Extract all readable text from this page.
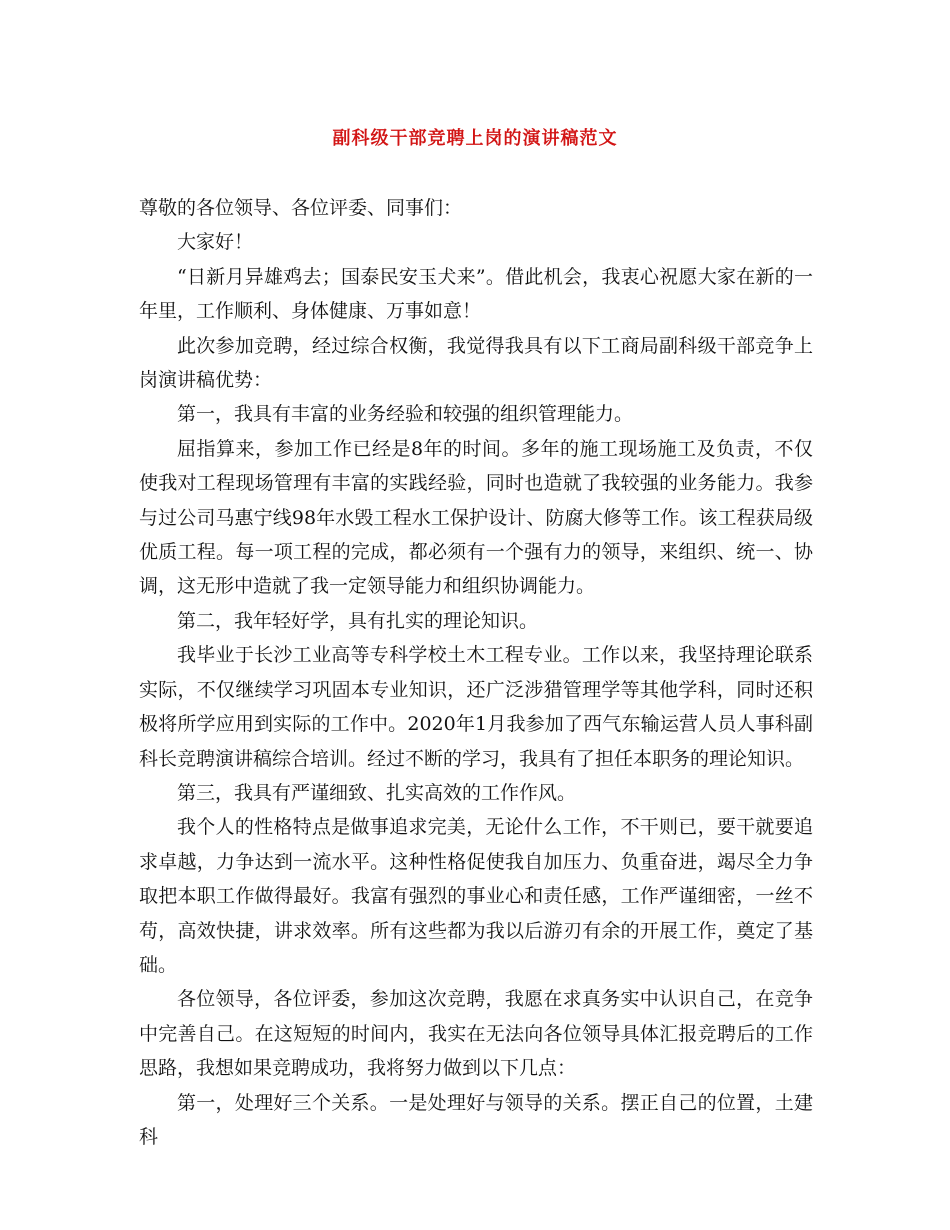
副科级干部竞聘上岗的演讲稿范文

尊敬的各位领导、各位评委、同事们：

大家好！

“日新月异雄鸡去；国泰民安玉犬来”。借此机会，我衷心祝愿大家在新的一年里，工作顺利、身体健康、万事如意！

此次参加竞聘，经过综合权衡，我觉得我具有以下工商局副科级干部竞争上岗演讲稿优势：

第一，我具有丰富的业务经验和较强的组织管理能力。

屈指算来，参加工作已经是8年的时间。多年的施工现场施工及负责，不仅使我对工程现场管理有丰富的实践经验，同时也造就了我较强的业务能力。我参与过公司马惠宁线98年水毁工程水工保护设计、防腐大修等工作。该工程获局级优质工程。每一项工程的完成，都必须有一个强有力的领导，来组织、统一、协调，这无形中造就了我一定领导能力和组织协调能力。

第二，我年轻好学，具有扎实的理论知识。

我毕业于长沙工业高等专科学校土木工程专业。工作以来，我坚持理论联系实际，不仅继续学习巩固本专业知识，还广泛涉猎管理学等其他学科，同时还积极将所学应用到实际的工作中。2020年1月我参加了西气东输运营人员人事科副科长竞聘演讲稿综合培训。经过不断的学习，我具有了担任本职务的理论知识。

第三，我具有严谨细致、扎实高效的工作作风。

我个人的性格特点是做事追求完美，无论什么工作，不干则已，要干就要追求卓越，力争达到一流水平。这种性格促使我自加压力、负重奋进，竭尽全力争取把本职工作做得最好。我富有强烈的事业心和责任感，工作严谨细密，一丝不苟，高效快捷，讲求效率。所有这些都为我以后游刃有余的开展工作，奠定了基础。

各位领导，各位评委，参加这次竞聘，我愿在求真务实中认识自己，在竞争中完善自己。在这短短的时间内，我实在无法向各位领导具体汇报竞聘后的工作思路，我想如果竞聘成功，我将努力做到以下几点：

第一，处理好三个关系。一是处理好与领导的关系。摆正自己的位置，土建科
